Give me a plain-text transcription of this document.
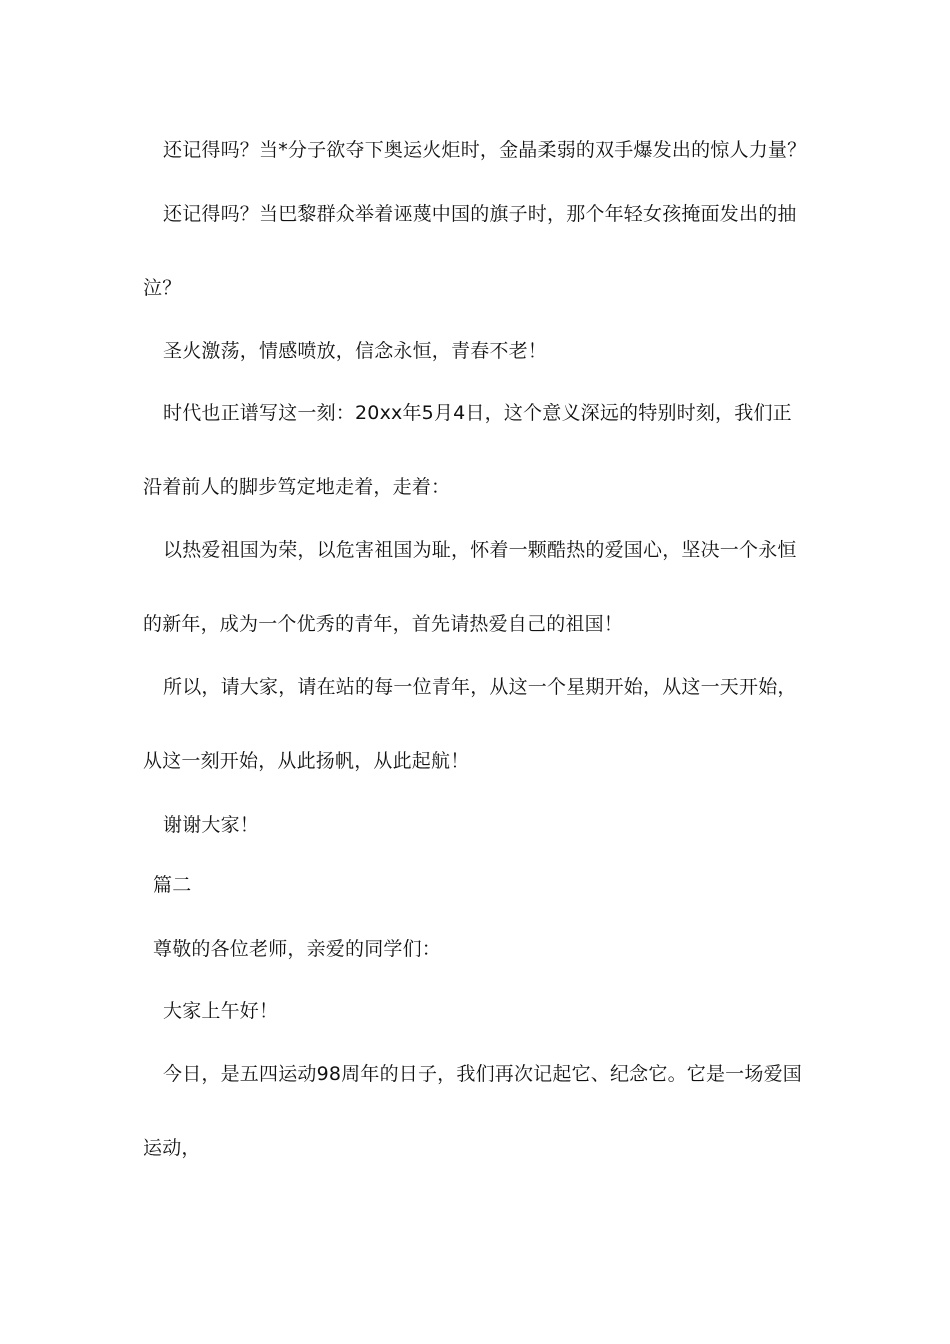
还记得吗？当*分子欲夺下奥运火炬时，金晶柔弱的双手爆发出的惊人力量？
还记得吗？当巴黎群众举着诬蔑中国的旗子时，那个年轻女孩掩面发出的抽
泣？
圣火激荡，情感喷放，信念永恒，青春不老！
时代也正谱写这一刻：20xx年5月4日，这个意义深远的特别时刻，我们正
沿着前人的脚步笃定地走着，走着：
以热爱祖国为荣，以危害祖国为耻，怀着一颗酷热的爱国心，坚决一个永恒
的新年，成为一个优秀的青年，首先请热爱自己的祖国！
所以，请大家，请在站的每一位青年，从这一个星期开始，从这一天开始，
从这一刻开始，从此扬帆，从此起航！
谢谢大家！
篇二
尊敬的各位老师，亲爱的同学们：
大家上午好！
今日，是五四运动98周年的日子，我们再次记起它、纪念它。它是一场爱国
运动，
